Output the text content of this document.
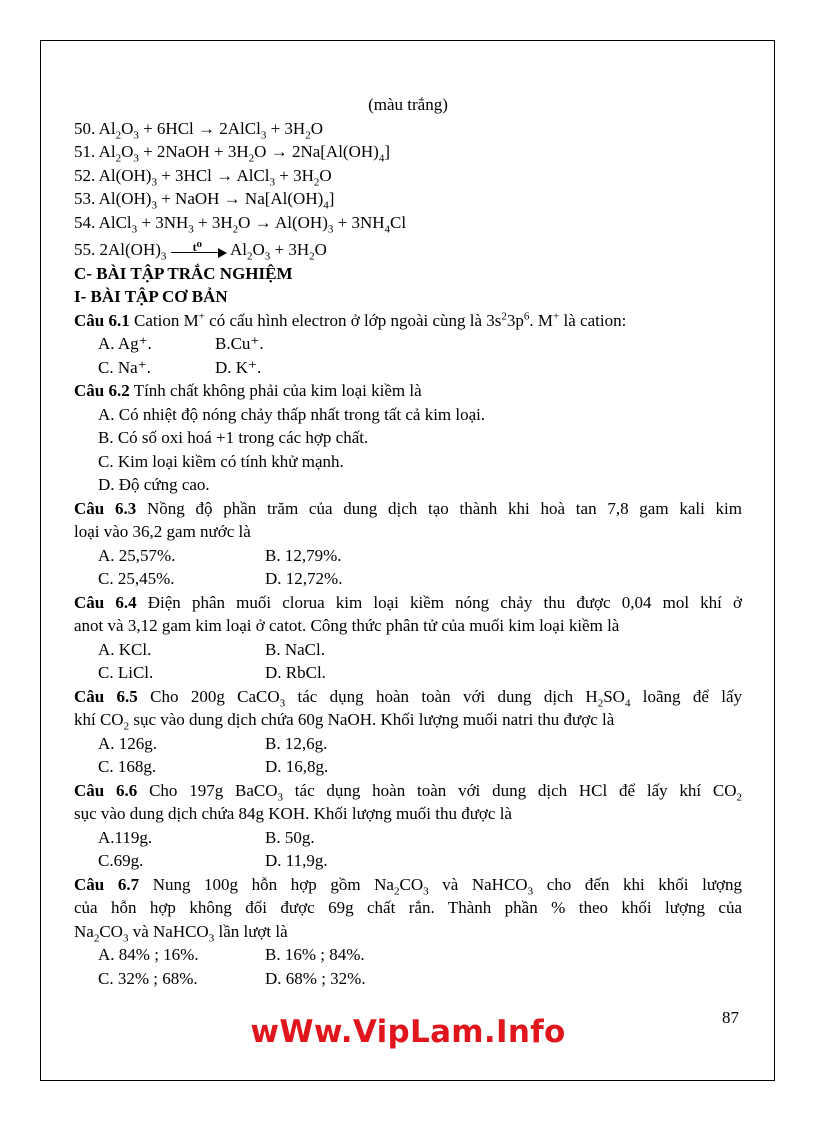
(màu trắng)
50. $Al_2O_3 + 6HCl$ → 2AlCl$_3$ + $3H_2O$
51. $Al_2O_3$ + 2NaOH + $3H_2O \to 2Na[Al(OH)_4]$
52. $Al(OH)_3 + 3HCl$ → AlCl$_3$ + $3H_2O$
53. $Al(OH)_3$ + NaOH → $Na[Al(OH)_4]$
54. AlCl$_3$ + $3NH_3 + 3H_2O \to Al(OH)_3 + 3NH_4Cl$
55. $2Al(OH)_3$
t⁰ $Al_2O_3 + 3H_2O$
C- BÀI TẬP TRẮC NGHIỆM
I- BÀI TẬP CƠ BẢN
Câu 6.1 Cation M+ có cấu hình electron ở lớp ngoài cùng là $3s^23p^6$. M+ là cation:
A. Ag⁺.	B.Cu⁺.
C. Na⁺.	D. K⁺.
Câu 6.2 Tính chất không phải của kim loại kiềm là
A. Có nhiệt độ nóng chảy thấp nhất trong tất cả kim loại.
B. Có số oxi hoá +1 trong các hợp chất.
C. Kim loại kiềm có tính khử mạnh.
D. Độ cứng cao.
Câu 6.3 Nồng độ phần trăm của dung dịch tạo thành khi hoà tan 7,8 gam kali kim
loại vào 36,2 gam nước là
A. 25,57%.	B. 12,79%.
C. 25,45%.	D. 12,72%.
Câu 6.4 Điện phân muối clorua kim loại kiềm nóng chảy thu được 0,04 mol khí ở
anot và 3,12 gam kim loại ở catot. Công thức phân tử của muối kim loại kiềm là
A. KCl.	B. NaCl.
C. LiCl.	D. RbCl.
Câu 6.5 Cho 200g CaCO$_3$ tác dụng hoàn toàn với dung dịch $H_2SO_4$ loãng để lấy
khí $CO_2$ sục vào dung dịch chứa 60g NaOH. Khối lượng muối natri thu được là
A. 126g.	B. 12,6g.
C. 168g.	D. 16,8g.
Câu 6.6 Cho 197g BaCO$_3$ tác dụng hoàn toàn với dung dịch HCl để lấy khí $CO_2$
sục vào dung dịch chứa 84g KOH. Khối lượng muối thu được là
A.119g.	B. 50g.
C.69g.	D. 11,9g.
Câu 6.7 Nung 100g hỗn hợp gồm $Na_2CO_3$ và NaHCO$_3$ cho đến khi khối lượng
của hỗn hợp không đổi được 69g chất rắn. Thành phần % theo khối lượng của
$Na_2CO_3$ và NaHCO$_3$ lần lượt là
A. 84% ; 16%.	B. 16% ; 84%.
C. 32% ; 68%.	D. 68% ; 32%.
87
wWw.VipLam.Info
